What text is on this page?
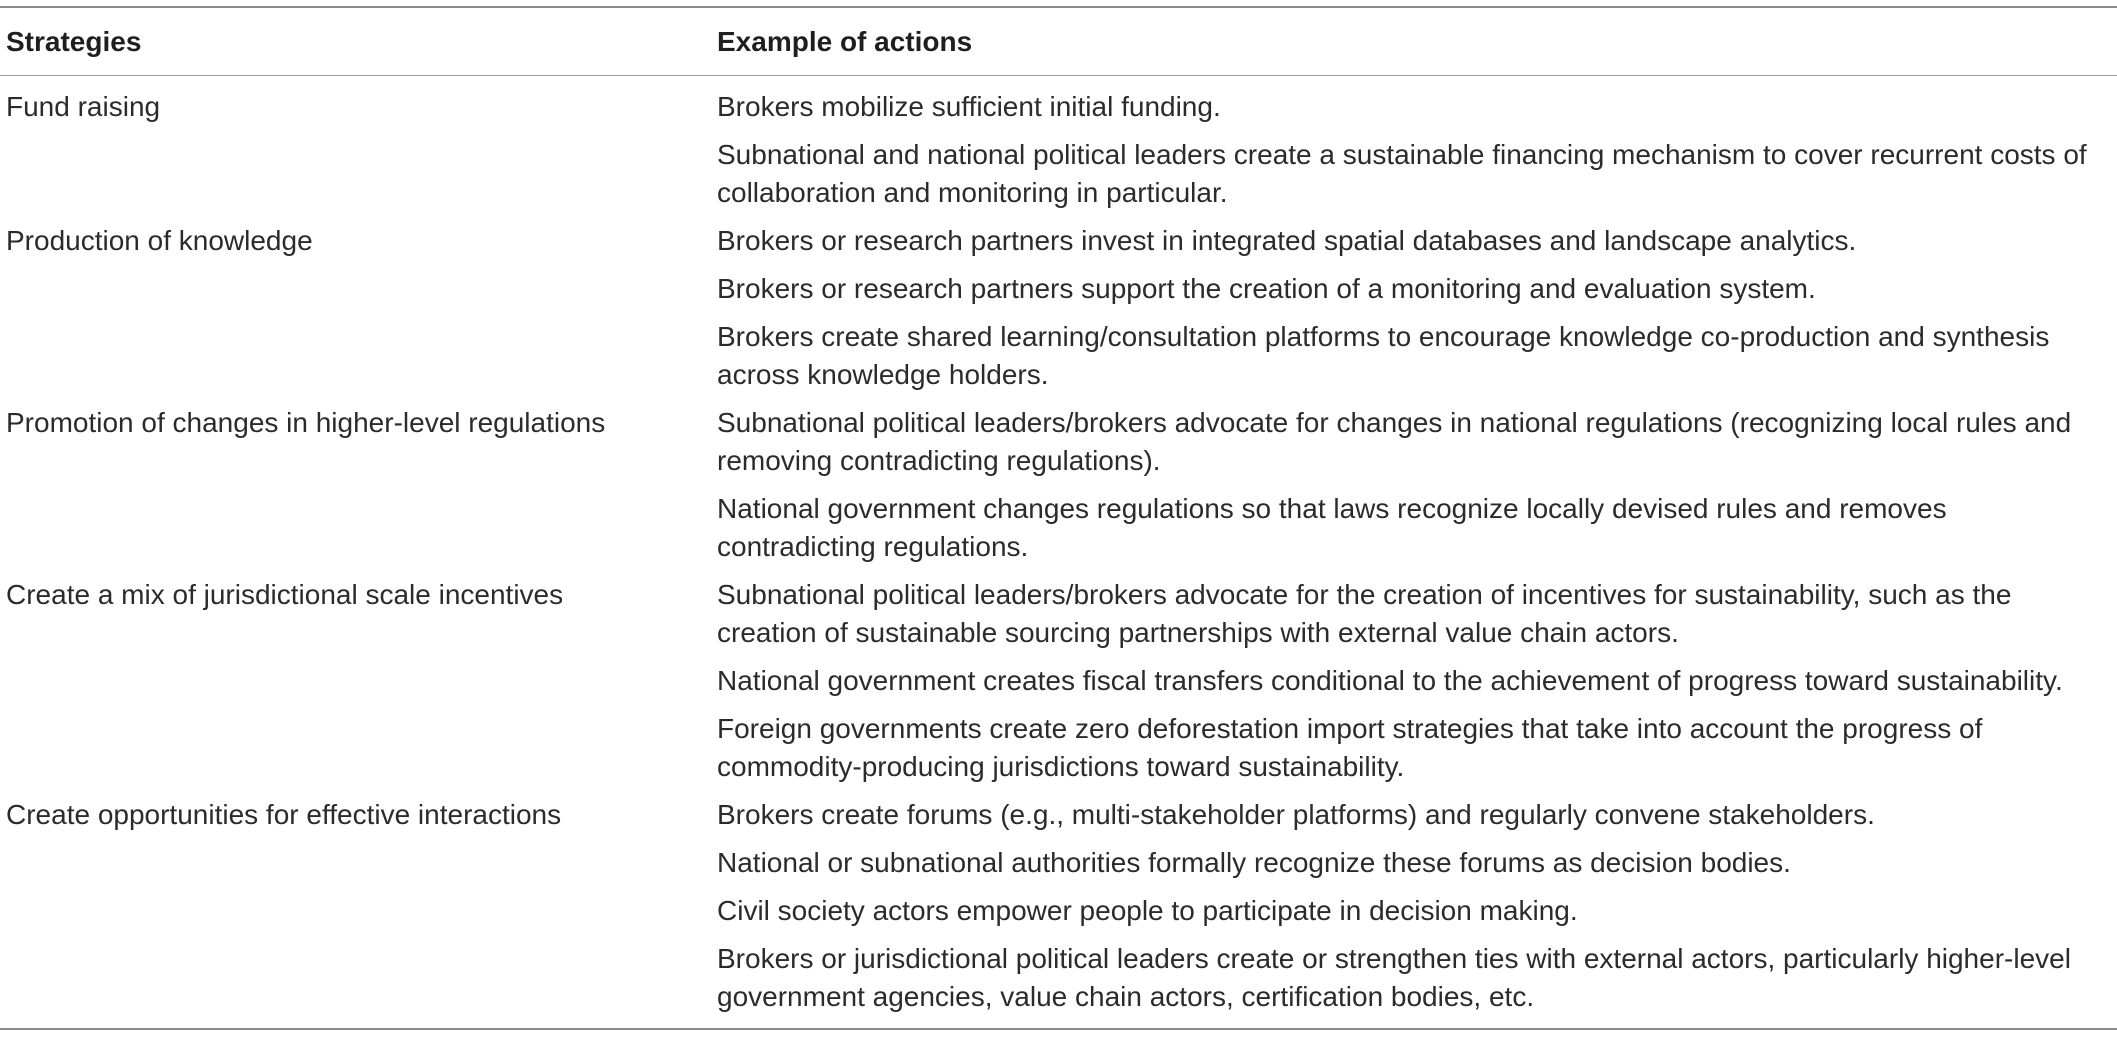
Strategies	Example of actions
Fund raising	Brokers mobilize sufficient initial funding.
Subnational and national political leaders create a sustainable financing mechanism to cover recurrent costs of collaboration and monitoring in particular.
Production of knowledge	Brokers or research partners invest in integrated spatial databases and landscape analytics.
Brokers or research partners support the creation of a monitoring and evaluation system.
Brokers create shared learning/consultation platforms to encourage knowledge co-production and synthesis across knowledge holders.
Promotion of changes in higher-level regulations	Subnational political leaders/brokers advocate for changes in national regulations (recognizing local rules and removing contradicting regulations).
National government changes regulations so that laws recognize locally devised rules and removes contradicting regulations.
Create a mix of jurisdictional scale incentives	Subnational political leaders/brokers advocate for the creation of incentives for sustainability, such as the creation of sustainable sourcing partnerships with external value chain actors.
National government creates fiscal transfers conditional to the achievement of progress toward sustainability.
Foreign governments create zero deforestation import strategies that take into account the progress of commodity-producing jurisdictions toward sustainability.
Create opportunities for effective interactions	Brokers create forums (e.g., multi-stakeholder platforms) and regularly convene stakeholders.
National or subnational authorities formally recognize these forums as decision bodies.
Civil society actors empower people to participate in decision making.
Brokers or jurisdictional political leaders create or strengthen ties with external actors, particularly higher-level government agencies, value chain actors, certification bodies, etc.
